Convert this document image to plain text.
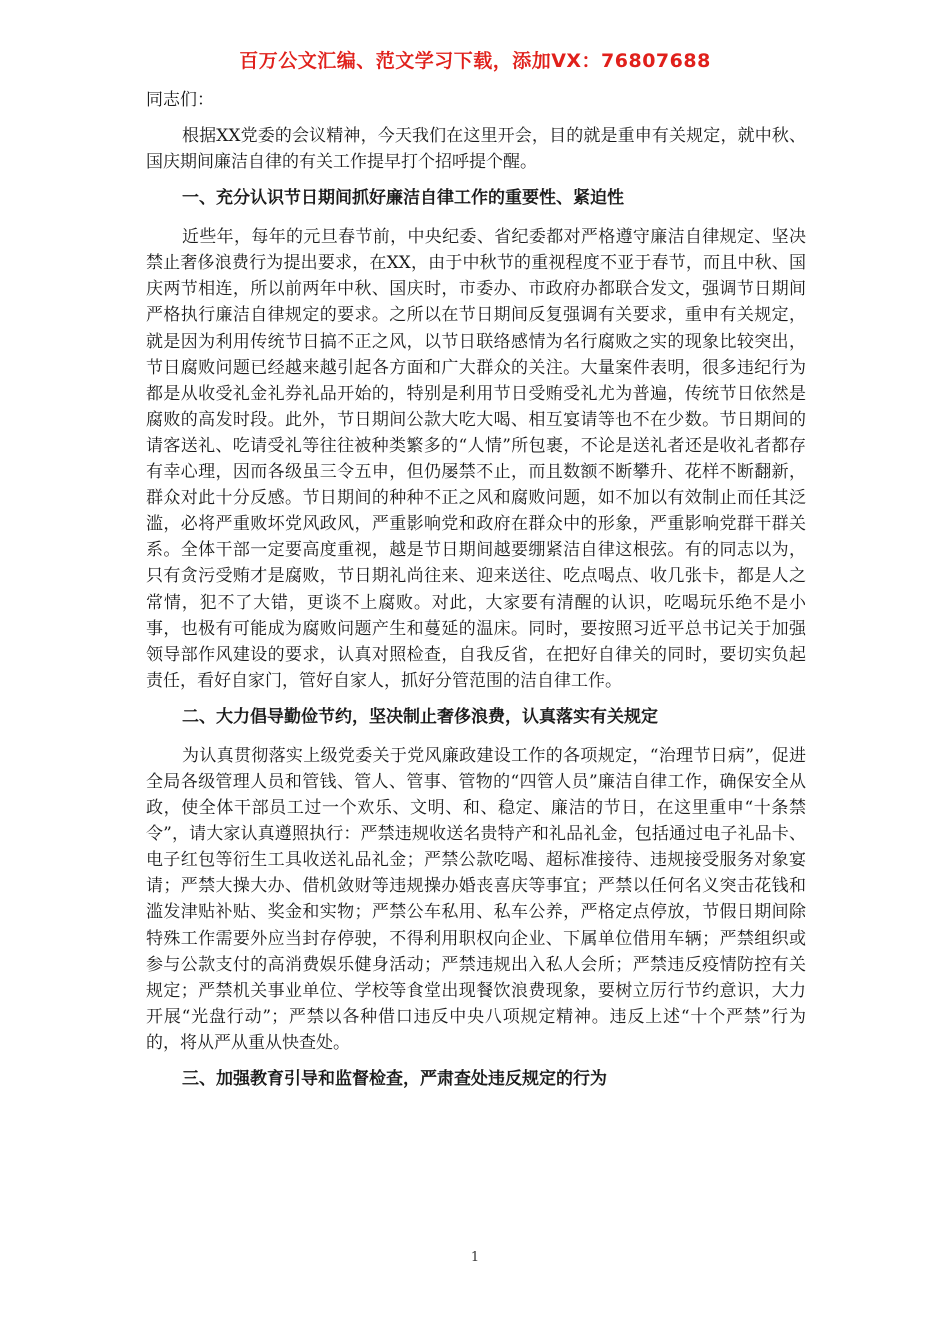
百万公文汇编、范文学习下载，添加VX：76807688

同志们：

根据XX党委的会议精神，今天我们在这里开会，目的就是重申有关规定，就中秋、国庆期间廉洁自律的有关工作提早打个招呼提个醒。

一、充分认识节日期间抓好廉洁自律工作的重要性、紧迫性

近些年，每年的元旦春节前，中央纪委、省纪委都对严格遵守廉洁自律规定、坚决禁止奢侈浪费行为提出要求，在XX，由于中秋节的重视程度不亚于春节，而且中秋、国庆两节相连，所以前两年中秋、国庆时，市委办、市政府办都联合发文，强调节日期间严格执行廉洁自律规定的要求。之所以在节日期间反复强调有关要求，重申有关规定，就是因为利用传统节日搞不正之风，以节日联络感情为名行腐败之实的现象比较突出，节日腐败问题已经越来越引起各方面和广大群众的关注。大量案件表明，很多违纪行为都是从收受礼金礼券礼品开始的，特别是利用节日受贿受礼尤为普遍，传统节日依然是腐败的高发时段。此外，节日期间公款大吃大喝、相互宴请等也不在少数。节日期间的请客送礼、吃请受礼等往往被种类繁多的“人情”所包裹，不论是送礼者还是收礼者都存有幸心理，因而各级虽三令五申，但仍屡禁不止，而且数额不断攀升、花样不断翻新，群众对此十分反感。节日期间的种种不正之风和腐败问题，如不加以有效制止而任其泛滥，必将严重败坏党风政风，严重影响党和政府在群众中的形象，严重影响党群干群关系。全体干部一定要高度重视，越是节日期间越要绷紧洁自律这根弦。有的同志以为，只有贪污受贿才是腐败，节日期礼尚往来、迎来送往、吃点喝点、收几张卡，都是人之常情，犯不了大错，更谈不上腐败。对此，大家要有清醒的认识，吃喝玩乐绝不是小事，也极有可能成为腐败问题产生和蔓延的温床。同时，要按照习近平总书记关于加强领导部作风建设的要求，认真对照检查，自我反省，在把好自律关的同时，要切实负起责任，看好自家门，管好自家人，抓好分管范围的洁自律工作。

二、大力倡导勤俭节约，坚决制止奢侈浪费，认真落实有关规定

为认真贯彻落实上级党委关于党风廉政建设工作的各项规定，“治理节日病”，促进全局各级管理人员和管钱、管人、管事、管物的“四管人员”廉洁自律工作，确保安全从政，使全体干部员工过一个欢乐、文明、和、稳定、廉洁的节日，在这里重申“十条禁令”，请大家认真遵照执行：严禁违规收送名贵特产和礼品礼金，包括通过电子礼品卡、电子红包等衍生工具收送礼品礼金；严禁公款吃喝、超标准接待、违规接受服务对象宴请；严禁大操大办、借机敛财等违规操办婚丧喜庆等事宜；严禁以任何名义突击花钱和滥发津贴补贴、奖金和实物；严禁公车私用、私车公养，严格定点停放，节假日期间除特殊工作需要外应当封存停驶，不得利用职权向企业、下属单位借用车辆；严禁组织或参与公款支付的高消费娱乐健身活动；严禁违规出入私人会所；严禁违反疫情防控有关规定；严禁机关事业单位、学校等食堂出现餐饮浪费现象，要树立厉行节约意识，大力开展“光盘行动”；严禁以各种借口违反中央八项规定精神。违反上述“十个严禁”行为的，将从严从重从快查处。

三、加强教育引导和监督检查，严肃查处违反规定的行为

1
